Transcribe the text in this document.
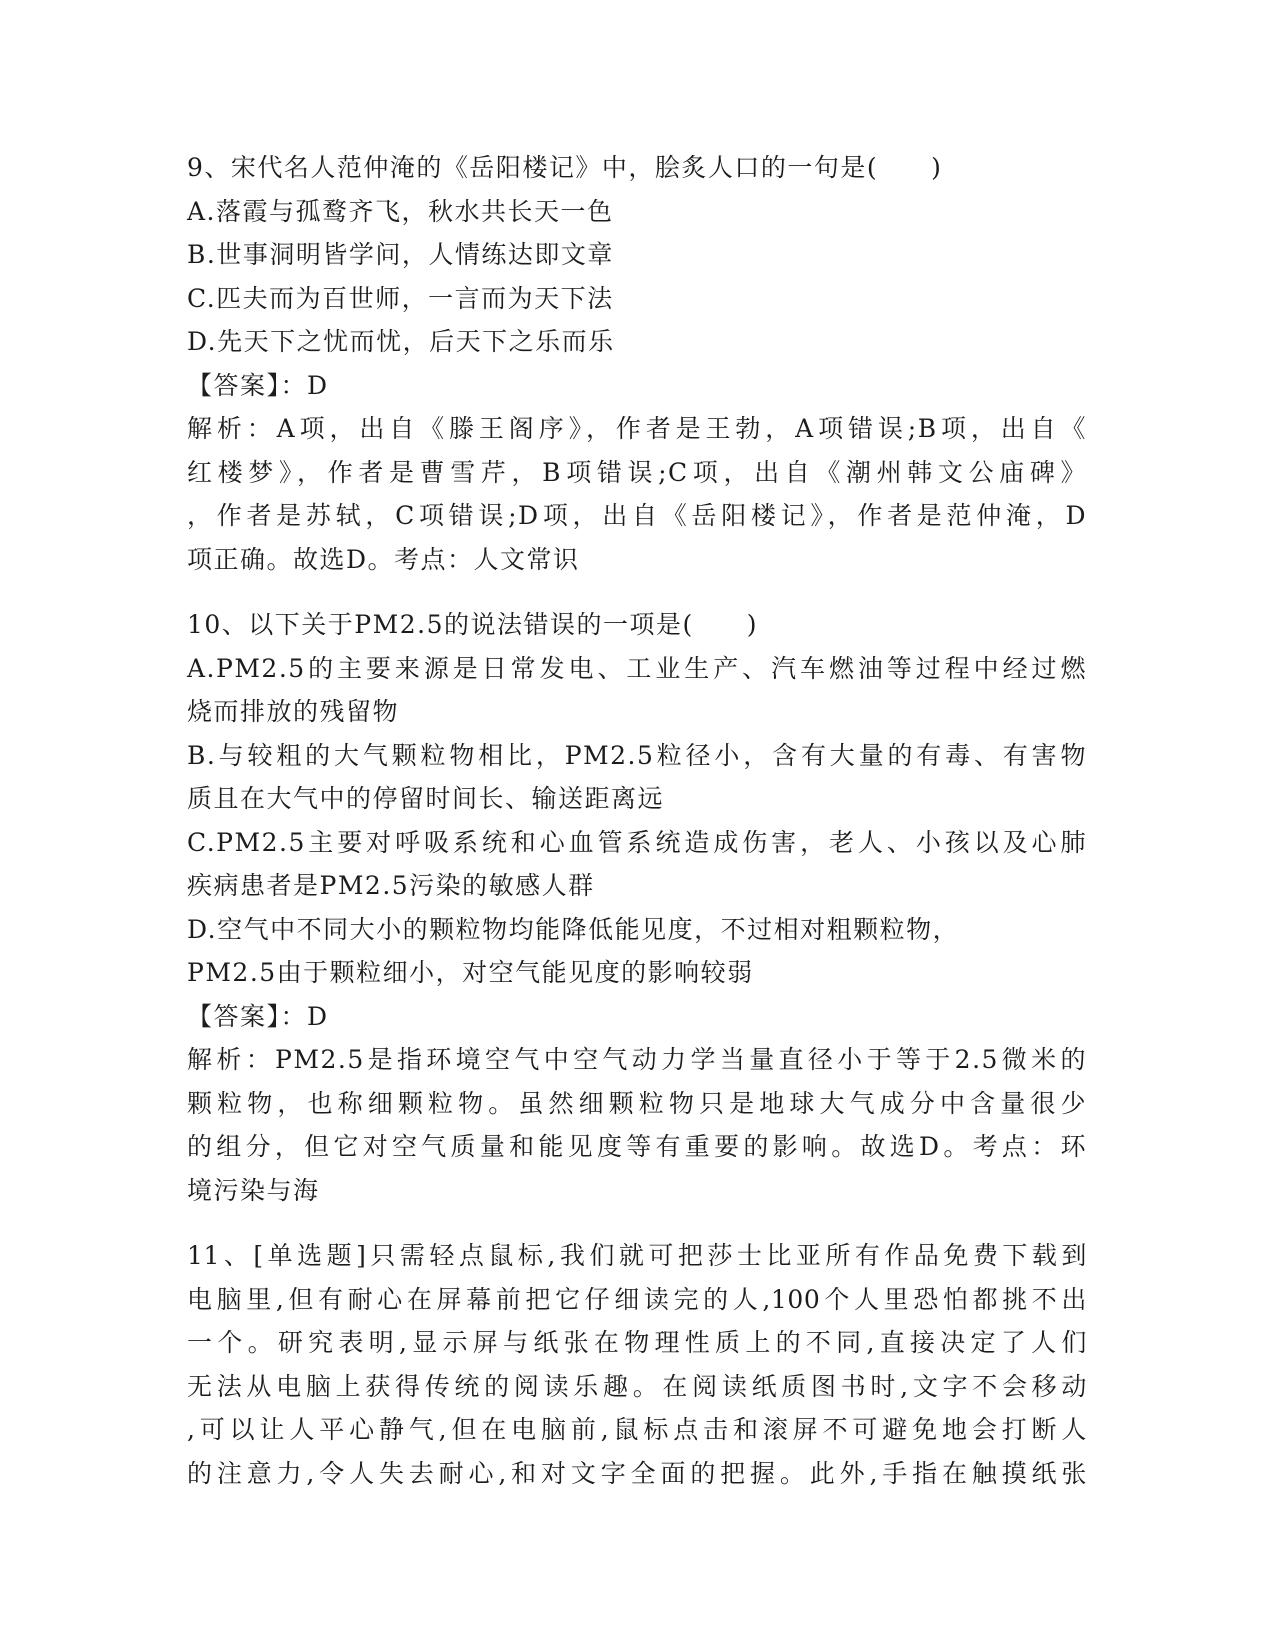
9、宋代名人范仲淹的《岳阳楼记》中，脍炙人口的一句是(　　)
A.落霞与孤鹜齐飞，秋水共长天一色
B.世事洞明皆学问，人情练达即文章
C.匹夫而为百世师，一言而为天下法
D.先天下之忧而忧，后天下之乐而乐
【答案】：D
解析：A项，出自《滕王阁序》，作者是王勃，A项错误;B项，出自《
红楼梦》，作者是曹雪芹，B项错误;C项，出自《潮州韩文公庙碑》
，作者是苏轼，C项错误;D项，出自《岳阳楼记》，作者是范仲淹，D
项正确。故选D。考点：人文常识
10、以下关于PM2.5的说法错误的一项是(　　)
A.PM2.5的主要来源是日常发电、工业生产、汽车燃油等过程中经过燃
烧而排放的残留物
B.与较粗的大气颗粒物相比，PM2.5粒径小，含有大量的有毒、有害物
质且在大气中的停留时间长、输送距离远
C.PM2.5主要对呼吸系统和心血管系统造成伤害，老人、小孩以及心肺
疾病患者是PM2.5污染的敏感人群
D.空气中不同大小的颗粒物均能降低能见度，不过相对粗颗粒物，
PM2.5由于颗粒细小，对空气能见度的影响较弱
【答案】：D
解析：PM2.5是指环境空气中空气动力学当量直径小于等于2.5微米的
颗粒物，也称细颗粒物。虽然细颗粒物只是地球大气成分中含量很少
的组分，但它对空气质量和能见度等有重要的影响。故选D。考点：环
境污染与海
11、[单选题]只需轻点鼠标,我们就可把莎士比亚所有作品免费下载到
电脑里,但有耐心在屏幕前把它仔细读完的人,100个人里恐怕都挑不出
一个。研究表明,显示屏与纸张在物理性质上的不同,直接决定了人们
无法从电脑上获得传统的阅读乐趣。在阅读纸质图书时,文字不会移动
,可以让人平心静气,但在电脑前,鼠标点击和滚屏不可避免地会打断人
的注意力,令人失去耐心,和对文字全面的把握。此外,手指在触摸纸张
